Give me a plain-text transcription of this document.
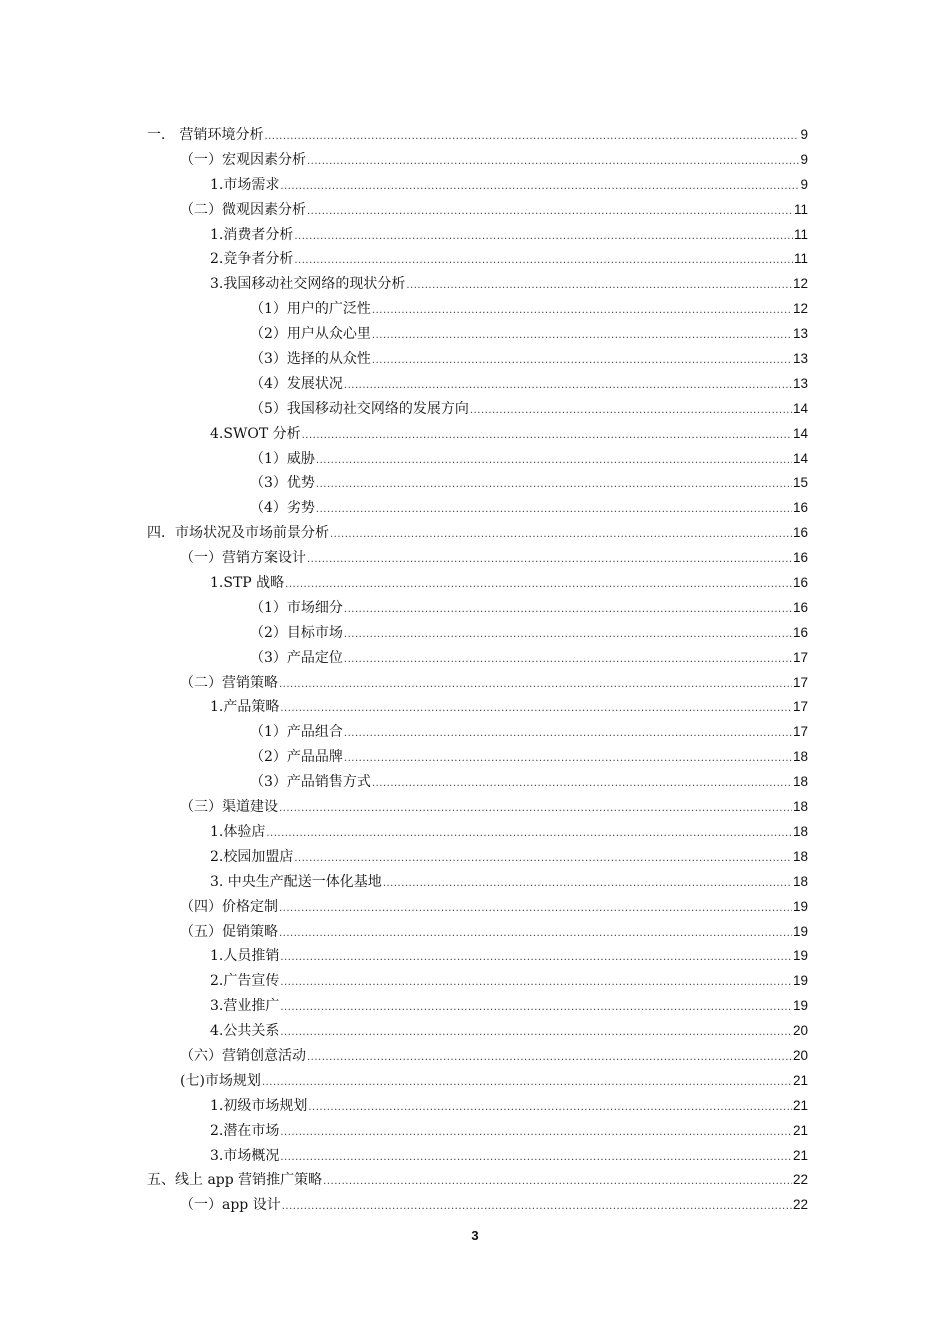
一． 营销环境分析 .....	9
（一）宏观因素分析 .....	9
1.市场需求 .....	9
（二）微观因素分析 .....	11
1.消费者分析 .....	11
2.竞争者分析 .....	11
3.我国移动社交网络的现状分析 .....	12
（1）用户的广泛性 .....	12
（2）用户从众心里 .....	13
（3）选择的从众性 .....	13
（4）发展状况 .....	13
（5）我国移动社交网络的发展方向 .....	14
4.SWOT 分析 .....	14
（1）威胁 .....	14
（3）优势 .....	15
（4）劣势 .....	16
四．市场状况及市场前景分析 .....	16
（一）营销方案设计 .....	16
1.STP 战略 .....	16
（1）市场细分 .....	16
（2）目标市场 .....	16
（3）产品定位 .....	17
（二）营销策略 .....	17
1.产品策略 .....	17
（1）产品组合 .....	17
（2）产品品牌 .....	18
（3）产品销售方式 .....	18
（三）渠道建设 .....	18
1.体验店 .....	18
2.校园加盟店 .....	18
3. 中央生产配送一体化基地 .....	18
（四）价格定制 .....	19
（五）促销策略 .....	19
1.人员推销 .....	19
2.广告宣传 .....	19
3.营业推广 .....	19
4.公共关系 .....	20
（六）营销创意活动 .....	20
(七)市场规划 .....	21
1.初级市场规划 .....	21
2.潜在市场 .....	21
3.市场概况 .....	21
五、线上 app 营销推广策略 .....	22
（一）app 设计 .....	22
3
